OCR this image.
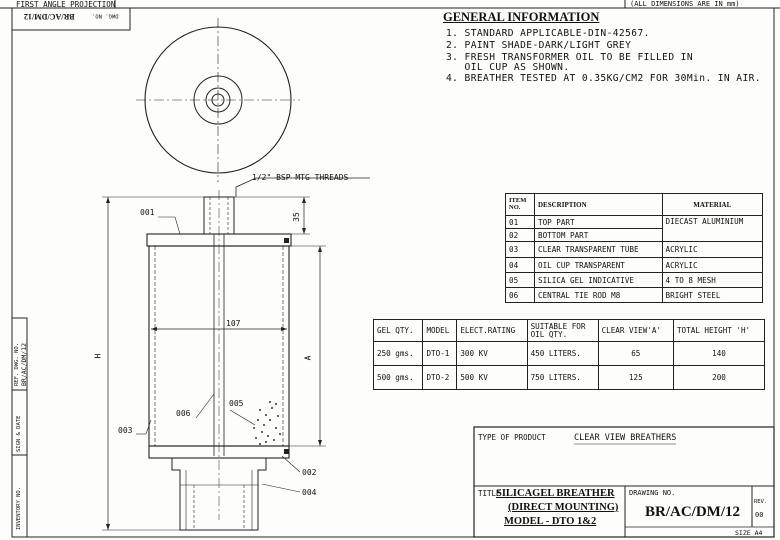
FIRST ANGLE PROJECTION	(ALL DIMENSIONS ARE IN mm)
BR/AC/DM/12	DWG. NO.
REF. DWG. NO. BR/AC/DM/12
SIGN & DATE
INVENTORY NO.
GENERAL INFORMATION
1. STANDARD APPLICABLE-DIN-42567.
2. PAINT SHADE-DARK/LIGHT GREY
3. FRESH TRANSFORMER OIL TO BE FILLED IN
OIL CUP AS SHOWN.
4. BREATHER TESTED AT 0.35KG/CM2 FOR 30Min. IN AIR.
1/2" BSP MTG THREADS
35
107
H	A
001
002
003
004
005
006
ITEM NO.	DESCRIPTION	MATERIAL
01	TOP PART	DIECAST ALUMINIUM
02	BOTTOM PART	
03	CLEAR TRANSPARENT TUBE	ACRYLIC
04	OIL CUP TRANSPARENT	ACRYLIC
05	SILICA GEL INDICATIVE	4 TO 8 MESH
06	CENTRAL TIE ROD M8	BRIGHT STEEL
GEL QTY.	MODEL	ELECT.RATING	SUITABLE FOR OIL QTY.	CLEAR VIEW'A'	TOTAL HEIGHT 'H'
250 gms.	DTO-1	300 KV	450 LITERS.	65	140
500 gms.	DTO-2	500 KV	750 LITERS.	125	200
TYPE OF PRODUCT	CLEAR VIEW BREATHERS
TITLE
SILICAGEL BREATHER
(DIRECT MOUNTING)
MODEL - DTO 1&2
DRAWING NO.
BR/AC/DM/12
REV.
00
SIZE A4
